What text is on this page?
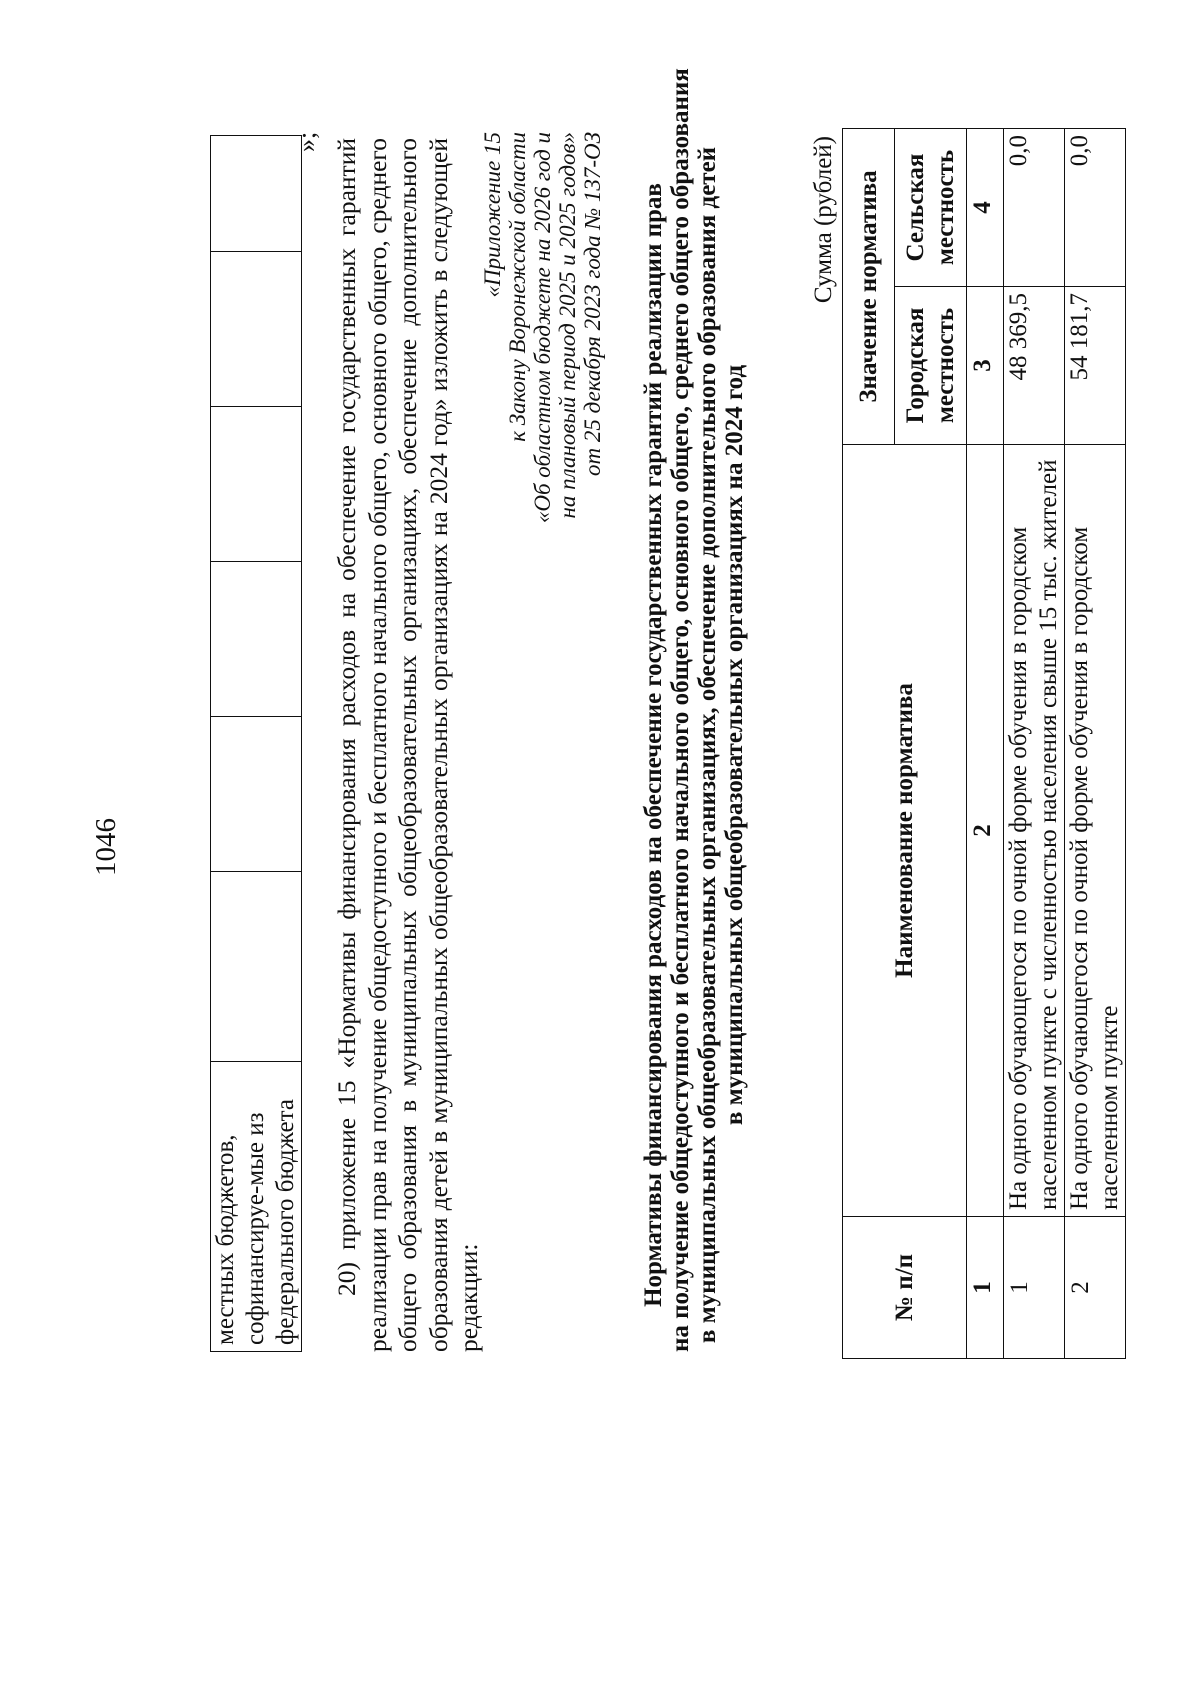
1046
местных бюджетов, софинансируе-мые из федерального бюджета						
»; 20) приложение 15 «Нормативы финансирования расходов на обеспечение государственных гарантий реализации прав на получение общедоступного и бесплатного начального общего, основного общего, среднего общего образования в муниципальных общеобразовательных организациях, обеспечение дополнительного образования детей в муниципальных общеобразовательных организациях на 2024 год» изложить в следующей редакции:

«Приложение 15 к Закону Воронежской области «Об областном бюджете на 2026 год и на плановый период 2025 и 2025 годов» от 25 декабря 2023 года № 137-ОЗ Нормативы финансирования расходов на обеспечение государственных гарантий реализации прав на получение общедоступного и бесплатного начального общего, основного общего, среднего общего образования в муниципальных общеобразовательных организациях, обеспечение дополнительного образования детей в муниципальных общеобразовательных организациях на 2024 год
Сумма (рублей)
№ п/п	Наименование норматива	Значение норматива	
		Городская местность	Сельская местность
1	2	3	4
1	На одного обучающегося по очной форме обучения в городском населенном пункте с численностью населения свыше 15 тыс. жителей	48 369,5	0,0
2	На одного обучающегося по очной форме обучения в городском населенном пункте	54 181,7	0,0
